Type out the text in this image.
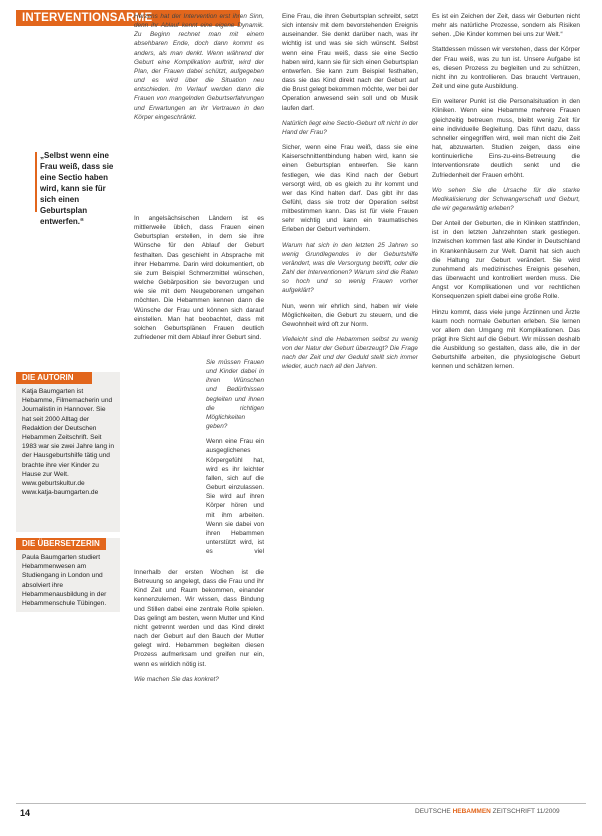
INTERVENTIONSARME GEBURTSHILFE
„Selbst wenn eine Frau weiß, dass sie eine Sectio haben wird, kann sie für sich einen Geburtsplan entwerfen.“
DIE AUTORIN
Katja Baumgarten ist Hebamme, Filmemacherin und Journalistin in Hannover. Sie hat seit 2000 Alltag der Redaktion der Deutschen Hebammen Zeitschrift. Seit 1983 war sie zwei Jahre lang in der Hausgeburtshilfe tätig und brachte ihre vier Kinder zu Hause zur Welt. www.geburtskultur.de www.katja-baumgarten.de
DIE ÜBERSETZERIN
Paula Baumgarten studiert Hebammenwesen am Studiengang in London und absolviert ihre Hebammenausbildung in der Hebammenschule Tübingen.

Herzens hat der Intervention erst ihren Sinn, denn ihr Ablauf kennt eine eigene Dynamik. Zu Beginn rechnet man mit einem absehbaren Ende, doch dann kommt es anders, als man denkt. Wenn während der Geburt eine Komplikation auftritt, wird der Plan, der Frauen dabei schützt, aufgegeben und es wird über die Situation neu entschieden. Im Verlauf werden dann die Frauen von mangelnden Geburtserfahrungen und Erwartungen an ihr Vertrauen in den Körper eingeschränkt.

In angelsächsischen Ländern ist es mittlerweile üblich, dass Frauen einen Geburtsplan erstellen, in dem sie ihre Wünsche für den Ablauf der Geburt festhalten. Das geschieht in Absprache mit ihrer Hebamme. Darin wird dokumentiert, ob sie zum Beispiel Schmerzmittel wünschen, welche Gebärposition sie bevorzugen und wie sie mit dem Neugeborenen umgehen möchten. Die Hebammen kennen dann die Wünsche der Frau und können sich darauf einstellen. Man hat beobachtet, dass mit solchen Geburtsplänen Frauen deutlich zufriedener mit dem Ablauf ihrer Geburt sind.

Sie müssen Frauen und Kinder dabei in ihren Wünschen und Bedürfnissen begleiten und ihnen die richtigen Möglichkeiten geben?

Wenn eine Frau ein ausgeglichenes Körpergefühl hat, wird es ihr leichter fallen, sich auf die Geburt einzulassen. Sie wird auf ihren Körper hören und mit ihm arbeiten. Wenn sie dabei von ihren Hebammen unterstützt wird, ist es viel

Innerhalb der ersten Wochen ist die Betreuung so angelegt, dass die Frau und ihr Kind Zeit und Raum bekommen, einander kennenzulernen. Wir wissen, dass Bindung und Stillen dabei eine zentrale Rolle spielen. Das gelingt am besten, wenn Mutter und Kind nicht getrennt werden und das Kind direkt nach der Geburt auf den Bauch der Mutter gelegt wird. Hebammen begleiten diesen Prozess aufmerksam und greifen nur ein, wenn es wirklich nötig ist.

Wie machen Sie das konkret?

Eine Frau, die ihren Geburtsplan schreibt, setzt sich intensiv mit dem bevorstehenden Ereignis auseinander. Sie denkt darüber nach, was ihr wichtig ist und was sie sich wünscht. Selbst wenn eine Frau weiß, dass sie eine Sectio haben wird, kann sie für sich einen Geburtsplan entwerfen. Sie kann zum Beispiel festhalten, dass sie das Kind direkt nach der Geburt auf die Brust gelegt bekommen möchte, wer bei der Operation anwesend sein soll und ob Musik laufen darf.

Natürlich liegt eine Sectio-Geburt oft nicht in der Hand der Frau?

Sicher, wenn eine Frau weiß, dass sie eine Kaiserschnittentbindung haben wird, kann sie einen Geburtsplan entwerfen. Sie kann festlegen, wie das Kind nach der Geburt versorgt wird, ob es gleich zu ihr kommt und wer das Kind halten darf. Das gibt ihr das Gefühl, dass sie trotz der Operation selbst mitbestimmen kann. Das ist für viele Frauen sehr wichtig und kann ein traumatisches Erleben der Geburt verhindern.

Warum hat sich in den letzten 25 Jahren so wenig Grundlegendes in der Geburtshilfe verändert, was die Versorgung betrifft, oder die Zahl der Interventionen? Warum sind die Raten so hoch und so wenig Frauen vorher aufgeklärt?

Nun, wenn wir ehrlich sind, haben wir viele Möglichkeiten, die Geburt zu steuern, und die Gewohnheit wird oft zur Norm.

Vielleicht sind die Hebammen selbst zu wenig von der Natur der Geburt überzeugt? Die Frage nach der Zeit und der Geduld stellt sich immer wieder, auch nach all den Jahren.

Es ist ein Zeichen der Zeit, dass wir Geburten nicht mehr als natürliche Prozesse, sondern als Risiken sehen. „Die Kinder kommen bei uns zur Welt.“

Stattdessen müssen wir verstehen, dass der Körper der Frau weiß, was zu tun ist. Unsere Aufgabe ist es, diesen Prozess zu begleiten und zu schützen, nicht ihn zu kontrollieren. Das braucht Vertrauen, Zeit und eine gute Ausbildung.

Ein weiterer Punkt ist die Personalsituation in den Kliniken. Wenn eine Hebamme mehrere Frauen gleichzeitig betreuen muss, bleibt wenig Zeit für eine individuelle Begleitung. Das führt dazu, dass schneller eingegriffen wird, weil man nicht die Zeit hat, abzuwarten. Studien zeigen, dass eine kontinuierliche Eins-zu-eins-Betreuung die Interventionsrate deutlich senkt und die Zufriedenheit der Frauen erhöht.

Wo sehen Sie die Ursache für die starke Medikalisierung der Schwangerschaft und Geburt, die wir gegenwärtig erleben?

Der Anteil der Geburten, die in Kliniken stattfinden, ist in den letzten Jahrzehnten stark gestiegen. Inzwischen kommen fast alle Kinder in Deutschland in Krankenhäusern zur Welt. Damit hat sich auch die Haltung zur Geburt verändert. Sie wird zunehmend als medizinisches Ereignis gesehen, das überwacht und kontrolliert werden muss. Die Angst vor Komplikationen und vor rechtlichen Konsequenzen spielt dabei eine große Rolle.

Hinzu kommt, dass viele junge Ärztinnen und Ärzte kaum noch normale Geburten erleben. Sie lernen vor allem den Umgang mit Komplikationen. Das prägt ihre Sicht auf die Geburt. Wir müssen deshalb die Ausbildung so gestalten, dass alle, die in der Geburtshilfe arbeiten, die physiologische Geburt kennen und schätzen lernen.

14	DEUTSCHE HEBAMMEN ZEITSCHRIFT 11/2009
